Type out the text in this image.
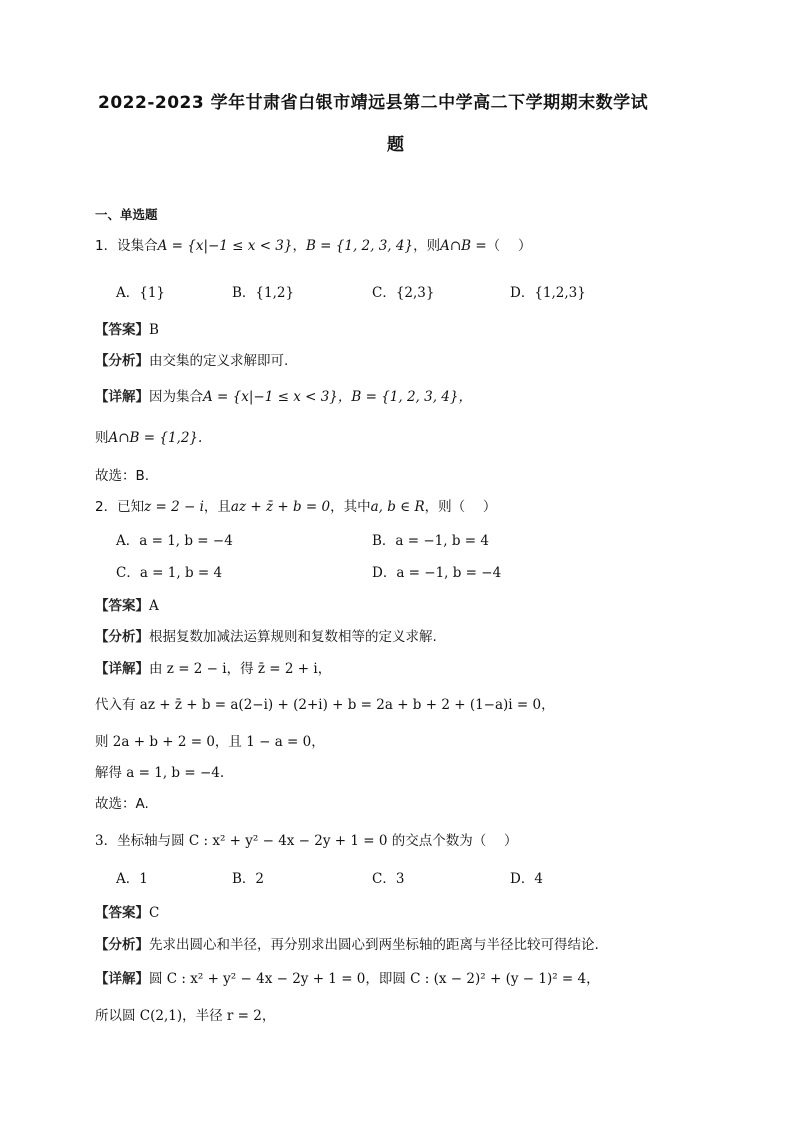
2022-2023 学年甘肃省白银市靖远县第二中学高二下学期期末数学试
题
一、单选题
1．设集合A = {x|−1 ≤ x < 3}，B = {1, 2, 3, 4}，则A∩B =（　 ）
A．{1}	B．{1,2}	C．{2,3}	D．{1,2,3}
【答案】B
【分析】由交集的定义求解即可.
【详解】因为集合A = {x|−1 ≤ x < 3}，B = {1, 2, 3, 4}，
则A∩B = {1,2}.
故选：B.
2．已知z = 2 − i，且az + z̄ + b = 0，其中a, b ∈ R，则（　 ）
A．a = 1, b = −4	B．a = −1, b = 4
C．a = 1, b = 4	D．a = −1, b = −4
【答案】A
【分析】根据复数加减法运算规则和复数相等的定义求解.
【详解】由 z = 2 − i，得 z̄ = 2 + i，
代入有 az + z̄ + b = a(2−i) + (2+i) + b = 2a + b + 2 + (1−a)i = 0，
则 2a + b + 2 = 0，且 1 − a = 0，
解得 a = 1, b = −4.
故选：A.
3．坐标轴与圆 C : x² + y² − 4x − 2y + 1 = 0 的交点个数为（　 ）
A．1	B．2	C．3	D．4
【答案】C
【分析】先求出圆心和半径，再分别求出圆心到两坐标轴的距离与半径比较可得结论.
【详解】圆 C : x² + y² − 4x − 2y + 1 = 0，即圆 C : (x − 2)² + (y − 1)² = 4，
所以圆 C(2,1)，半径 r = 2，
